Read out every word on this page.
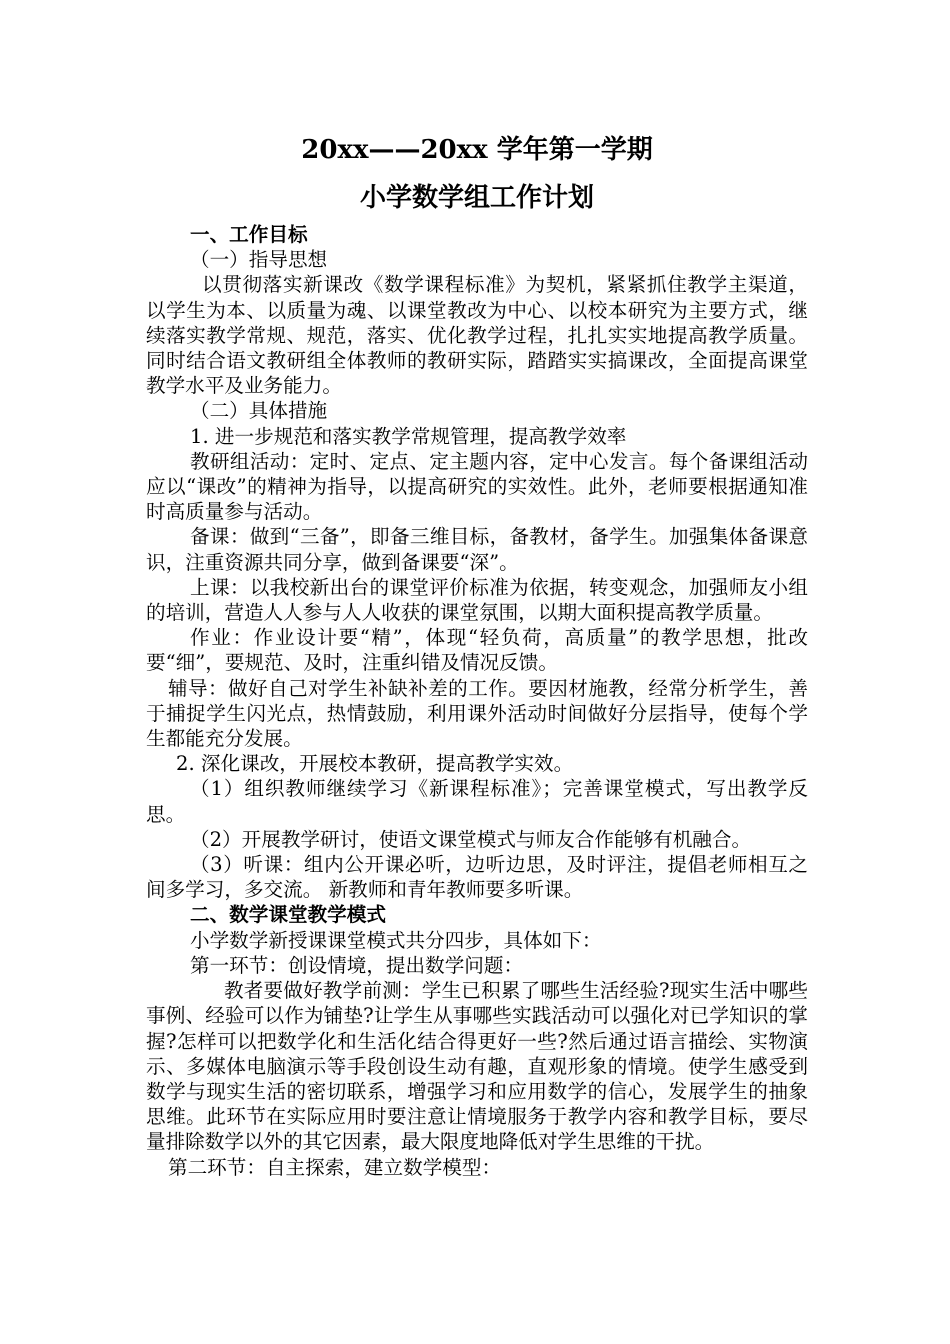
20xx——20xx 学年第一学期
小学数学组工作计划

一、工作目标

（一）指导思想

以贯彻落实新课改《数学课程标准》为契机，紧紧抓住教学主渠道，以学生为本、以质量为魂、以课堂教改为中心、以校本研究为主要方式，继续落实教学常规、规范，落实、优化教学过程，扎扎实实地提高教学质量。同时结合语文教研组全体教师的教研实际，踏踏实实搞课改，全面提高课堂教学水平及业务能力。

（二）具体措施

1. 进一步规范和落实教学常规管理，提高教学效率

教研组活动：定时、定点、定主题内容，定中心发言。每个备课组活动应以“课改”的精神为指导，以提高研究的实效性。此外，老师要根据通知准时高质量参与活动。

备课：做到“三备”，即备三维目标，备教材，备学生。加强集体备课意识，注重资源共同分享，做到备课要“深”。

上课：以我校新出台的课堂评价标准为依据，转变观念，加强师友小组的培训，营造人人参与人人收获的课堂氛围，以期大面积提高教学质量。

作业：作业设计要“精”，体现“轻负荷，高质量”的教学思想，批改要“细”，要规范、及时，注重纠错及情况反馈。

辅导：做好自己对学生补缺补差的工作。要因材施教，经常分析学生，善于捕捉学生闪光点，热情鼓励，利用课外活动时间做好分层指导，使每个学生都能充分发展。

2. 深化课改，开展校本教研，提高教学实效。

（1）组织教师继续学习《新课程标准》；完善课堂模式，写出教学反思。

（2）开展教学研讨，使语文课堂模式与师友合作能够有机融合。

（3）听课：组内公开课必听，边听边思，及时评注，提倡老师相互之间多学习，多交流。 新教师和青年教师要多听课。

二、数学课堂教学模式

小学数学新授课课堂模式共分四步，具体如下：

第一环节：创设情境，提出数学问题：

教者要做好教学前测：学生已积累了哪些生活经验?现实生活中哪些事例、经验可以作为铺垫?让学生从事哪些实践活动可以强化对已学知识的掌握?怎样可以把数学化和生活化结合得更好一些?然后通过语言描绘、实物演示、多媒体电脑演示等手段创设生动有趣，直观形象的情境。使学生感受到数学与现实生活的密切联系，增强学习和应用数学的信心，发展学生的抽象思维。此环节在实际应用时要注意让情境服务于教学内容和教学目标，要尽量排除数学以外的其它因素，最大限度地降低对学生思维的干扰。

第二环节：自主探索，建立数学模型：
